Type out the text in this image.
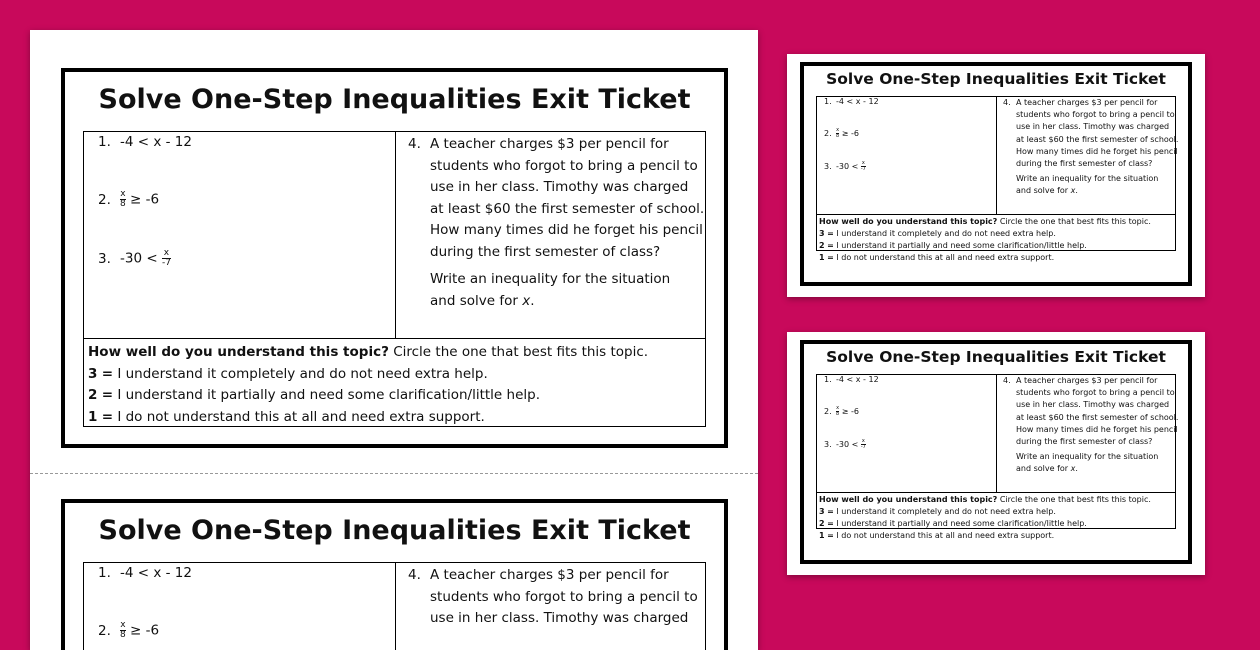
Solve One-Step Inequalities Exit Ticket
1. -4 < x - 12
2. $\frac{x}{8} \ge -6$
3. $-30 < \frac{x}{-7}$
4. A teacher charges $3 per pencil for
students who forgot to bring a pencil to
use in her class. Timothy was charged
at least $60 the first semester of school.
How many times did he forget his pencil
during the first semester of class?
Write an inequality for the situation
and solve for x.
How well do you understand this topic? Circle the one that best fits this topic.
3 = I understand it completely and do not need extra help.
2 = I understand it partially and need some clarification/little help.
1 = I do not understand this at all and need extra support.
Solve One-Step Inequalities Exit Ticket
1. -4 < x - 12
2. $\frac{x}{8} \ge -6$
4. A teacher charges $3 per pencil for
students who forgot to bring a pencil to
use in her class. Timothy was charged
Solve One-Step Inequalities Exit Ticket
1. -4 < x - 12
2. $\frac{x}{8} \ge -6$
3. $-30 < \frac{x}{-7}$
4. A teacher charges $3 per pencil for
students who forgot to bring a pencil to
use in her class. Timothy was charged
at least $60 the first semester of school.
How many times did he forget his pencil
during the first semester of class?
Write an inequality for the situation
and solve for x.
How well do you understand this topic? Circle the one that best fits this topic.
3 = I understand it completely and do not need extra help.
2 = I understand it partially and need some clarification/little help.
1 = I do not understand this at all and need extra support.
Solve One-Step Inequalities Exit Ticket
1. -4 < x - 12
2. $\frac{x}{8} \ge -6$
3. $-30 < \frac{x}{-7}$
4. A teacher charges $3 per pencil for
students who forgot to bring a pencil to
use in her class. Timothy was charged
at least $60 the first semester of school.
How many times did he forget his pencil
during the first semester of class?
Write an inequality for the situation
and solve for x.
How well do you understand this topic? Circle the one that best fits this topic.
3 = I understand it completely and do not need extra help.
2 = I understand it partially and need some clarification/little help.
1 = I do not understand this at all and need extra support.
